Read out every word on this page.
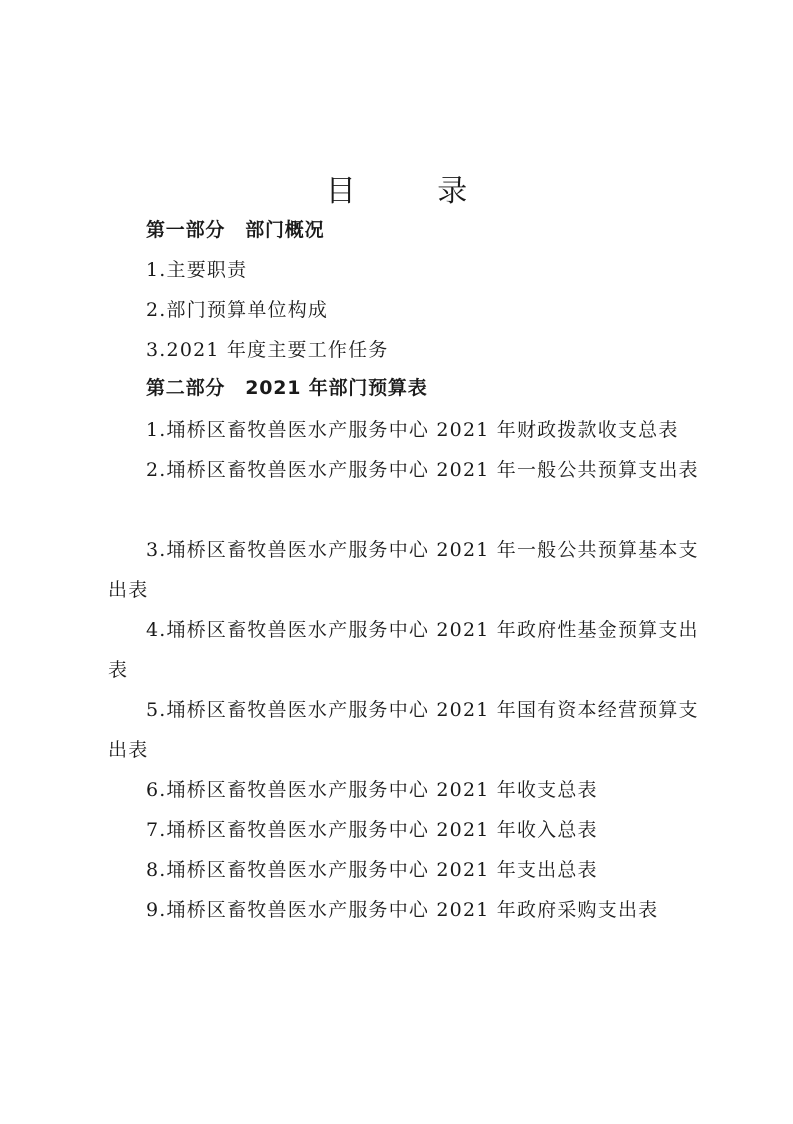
目 录

第一部分 部门概况

1.主要职责

2.部门预算单位构成

3.2021 年度主要工作任务

第二部分 2021 年部门预算表

1.埇桥区畜牧兽医水产服务中心 2021 年财政拨款收支总表

2.埇桥区畜牧兽医水产服务中心 2021 年一般公共预算支出表

3.埇桥区畜牧兽医水产服务中心 2021 年一般公共预算基本支出表

4.埇桥区畜牧兽医水产服务中心 2021 年政府性基金预算支出表

5.埇桥区畜牧兽医水产服务中心 2021 年国有资本经营预算支出表

6.埇桥区畜牧兽医水产服务中心 2021 年收支总表

7.埇桥区畜牧兽医水产服务中心 2021 年收入总表

8.埇桥区畜牧兽医水产服务中心 2021 年支出总表

9.埇桥区畜牧兽医水产服务中心 2021 年政府采购支出表
